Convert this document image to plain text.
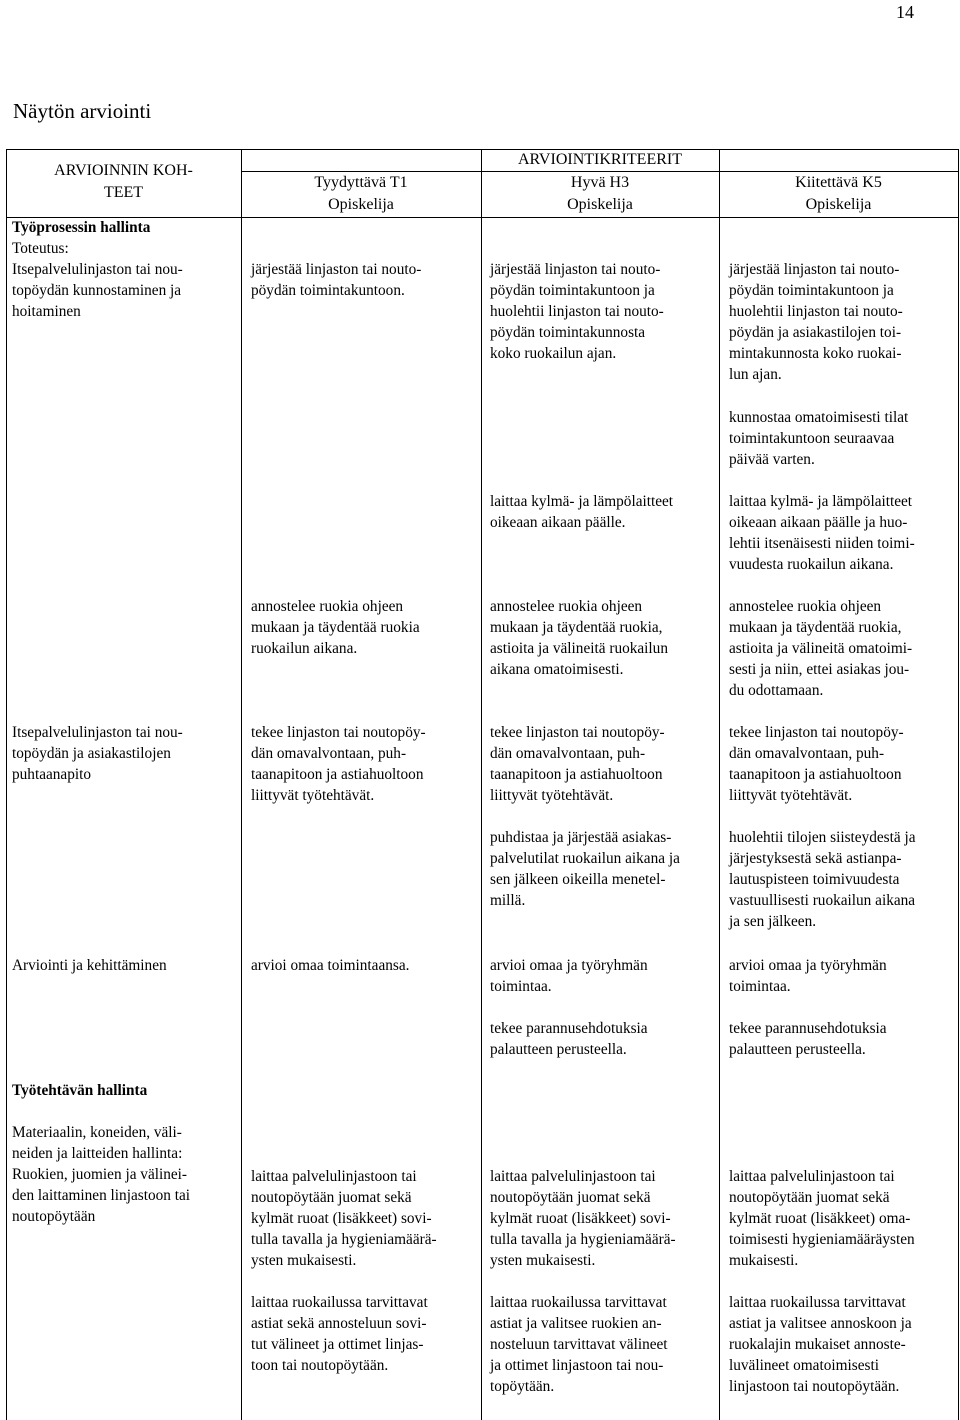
14
Näytön arviointi
ARVIOINNIN KOH-
TEET
ARVIOINTIKRITEERIT
Tyydyttävä T1
Opiskelija
Hyvä H3
Opiskelija
Kiitettävä K5
Opiskelija
Työprosessin hallinta
Toteutus:
Itsepalvelulinjaston tai nou-
topöydän kunnostaminen ja
hoitaminen
Itsepalvelulinjaston tai nou-
topöydän ja asiakastilojen
puhtaanapito
Arviointi ja kehittäminen
Työtehtävän hallinta
Materiaalin, koneiden, väli-
neiden ja laitteiden hallinta:
Ruokien, juomien ja välinei-
den laittaminen linjastoon tai
noutopöytään
järjestää linjaston tai nouto-
pöydän toimintakuntoon.
annostelee ruokia ohjeen
mukaan ja täydentää ruokia
ruokailun aikana.
tekee linjaston tai noutopöy-
dän omavalvontaan, puh-
taanapitoon ja astiahuoltoon
liittyvät työtehtävät.
arvioi omaa toimintaansa.
laittaa palvelulinjastoon tai
noutopöytään juomat sekä
kylmät ruoat (lisäkkeet) sovi-
tulla tavalla ja hygieniamäärä-
ysten mukaisesti.
laittaa ruokailussa tarvittavat
astiat sekä annosteluun sovi-
tut välineet ja ottimet linjas-
toon tai noutopöytään.
järjestää linjaston tai nouto-
pöydän toimintakuntoon ja
huolehtii linjaston tai nouto-
pöydän toimintakunnosta
koko ruokailun ajan.
laittaa kylmä- ja lämpölaitteet
oikeaan aikaan päälle.
annostelee ruokia ohjeen
mukaan ja täydentää ruokia,
astioita ja välineitä ruokailun
aikana omatoimisesti.
tekee linjaston tai noutopöy-
dän omavalvontaan, puh-
taanapitoon ja astiahuoltoon
liittyvät työtehtävät.
puhdistaa ja järjestää asiakas-
palvelutilat ruokailun aikana ja
sen jälkeen oikeilla menetel-
millä.
arvioi omaa ja työryhmän
toimintaa.
tekee parannusehdotuksia
palautteen perusteella.
laittaa palvelulinjastoon tai
noutopöytään juomat sekä
kylmät ruoat (lisäkkeet) sovi-
tulla tavalla ja hygieniamäärä-
ysten mukaisesti.
laittaa ruokailussa tarvittavat
astiat ja valitsee ruokien an-
nosteluun tarvittavat välineet
ja ottimet linjastoon tai nou-
topöytään.
järjestää linjaston tai nouto-
pöydän toimintakuntoon ja
huolehtii linjaston tai nouto-
pöydän ja asiakastilojen toi-
mintakunnosta koko ruokai-
lun ajan.
kunnostaa omatoimisesti tilat
toimintakuntoon seuraavaa
päivää varten.
laittaa kylmä- ja lämpölaitteet
oikeaan aikaan päälle ja huo-
lehtii itsenäisesti niiden toimi-
vuudesta ruokailun aikana.
annostelee ruokia ohjeen
mukaan ja täydentää ruokia,
astioita ja välineitä omatoimi-
sesti ja niin, ettei asiakas jou-
du odottamaan.
tekee linjaston tai noutopöy-
dän omavalvontaan, puh-
taanapitoon ja astiahuoltoon
liittyvät työtehtävät.
huolehtii tilojen siisteydestä ja
järjestyksestä sekä astianpa-
lautuspisteen toimivuudesta
vastuullisesti ruokailun aikana
ja sen jälkeen.
arvioi omaa ja työryhmän
toimintaa.
tekee parannusehdotuksia
palautteen perusteella.
laittaa palvelulinjastoon tai
noutopöytään juomat sekä
kylmät ruoat (lisäkkeet) oma-
toimisesti hygieniamääräysten
mukaisesti.
laittaa ruokailussa tarvittavat
astiat ja valitsee annoskoon ja
ruokalajin mukaiset annoste-
luvälineet omatoimisesti
linjastoon tai noutopöytään.
